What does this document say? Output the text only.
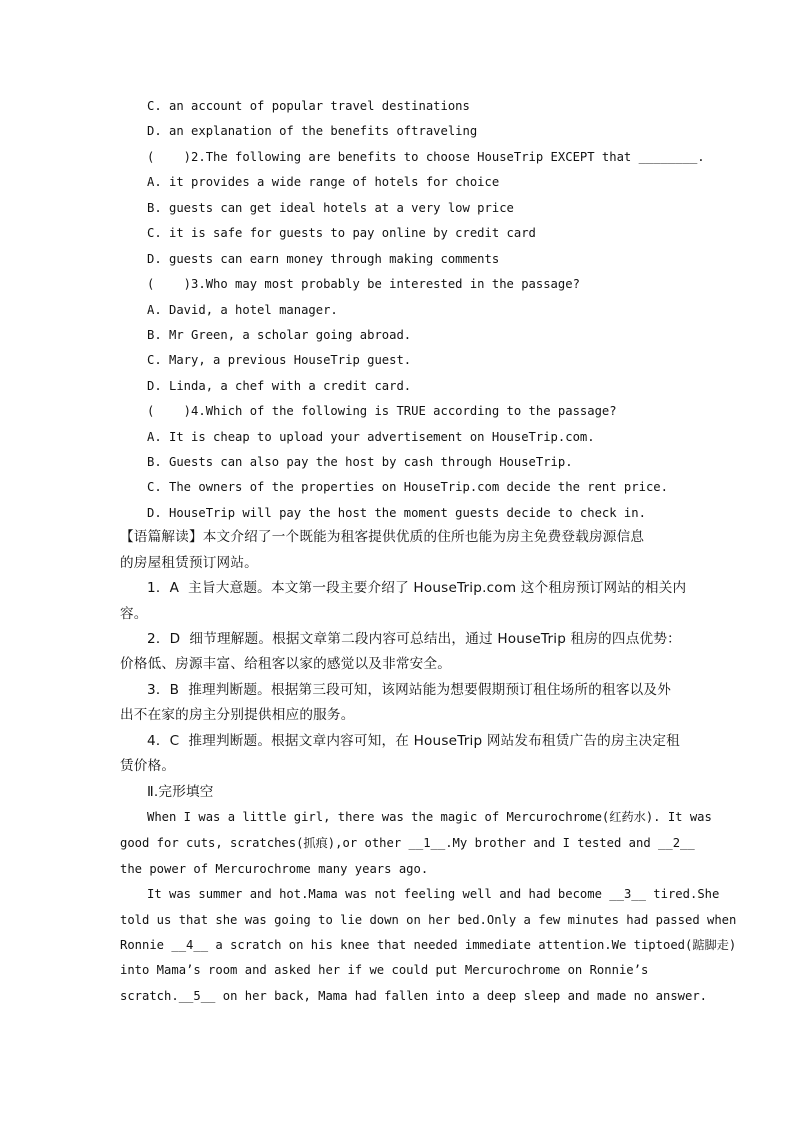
C. an account of popular travel destinations
D. an explanation of the benefits oftraveling
(    )2.The following are benefits to choose HouseTrip EXCEPT that ________.
A. it provides a wide range of hotels for choice
B. guests can get ideal hotels at a very low price
C. it is safe for guests to pay online by credit card
D. guests can earn money through making comments
(    )3.Who may most probably be interested in the passage?
A. David, a hotel manager.
B. Mr Green, a scholar going abroad.
C. Mary, a previous HouseTrip guest.
D. Linda, a chef with a credit card.
(    )4.Which of the following is TRUE according to the passage?
A. It is cheap to upload your advertisement on HouseTrip.com.
B. Guests can also pay the host by cash through HouseTrip.
C. The owners of the properties on HouseTrip.com decide the rent price.
D. HouseTrip will pay the host the moment guests decide to check in.
【语篇解读】本文介绍了一个既能为租客提供优质的住所也能为房主免费登载房源信息
的房屋租赁预订网站。
1．A  主旨大意题。本文第一段主要介绍了 HouseTrip.com 这个租房预订网站的相关内
容。
2．D  细节理解题。根据文章第二段内容可总结出，通过 HouseTrip 租房的四点优势：
价格低、房源丰富、给租客以家的感觉以及非常安全。
3．B  推理判断题。根据第三段可知，该网站能为想要假期预订租住场所的租客以及外
出不在家的房主分别提供相应的服务。
4．C  推理判断题。根据文章内容可知，在 HouseTrip 网站发布租赁广告的房主决定租
赁价格。
Ⅱ.完形填空
When I was a little girl, there was the magic of Mercurochrome(红药水). It was
good for cuts, scratches(抓痕),or other __1__.My brother and I tested and __2__
the power of Mercurochrome many years ago.
It was summer and hot.Mama was not feeling well and had become __3__ tired.She
told us that she was going to lie down on her bed.Only a few minutes had passed when
Ronnie __4__ a scratch on his knee that needed immediate attention.We tiptoed(踮脚走)
into Mama’s room and asked her if we could put Mercurochrome on Ronnie’s
scratch.__5__ on her back, Mama had fallen into a deep sleep and made no answer.
